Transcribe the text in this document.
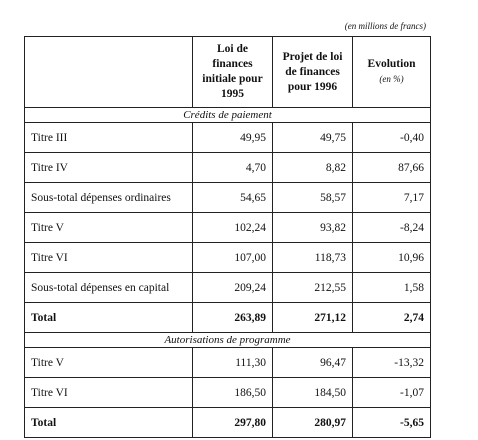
(en millions de francs)
	Loi de finances initiale pour 1995	Projet de loi de finances pour 1996	Evolution
(en %)

Crédits de paiement			
Titre III	49,95	49,75	-0,40
Titre IV	4,70	8,82	87,66
Sous-total dépenses ordinaires	54,65	58,57	7,17
Titre V	102,24	93,82	-8,24
Titre VI	107,00	118,73	10,96
Sous-total dépenses en capital	209,24	212,55	1,58
Total	263,89	271,12	2,74
Autorisations de programme			
Titre V	111,30	96,47	-13,32
Titre VI	186,50	184,50	-1,07
Total	297,80	280,97	-5,65
